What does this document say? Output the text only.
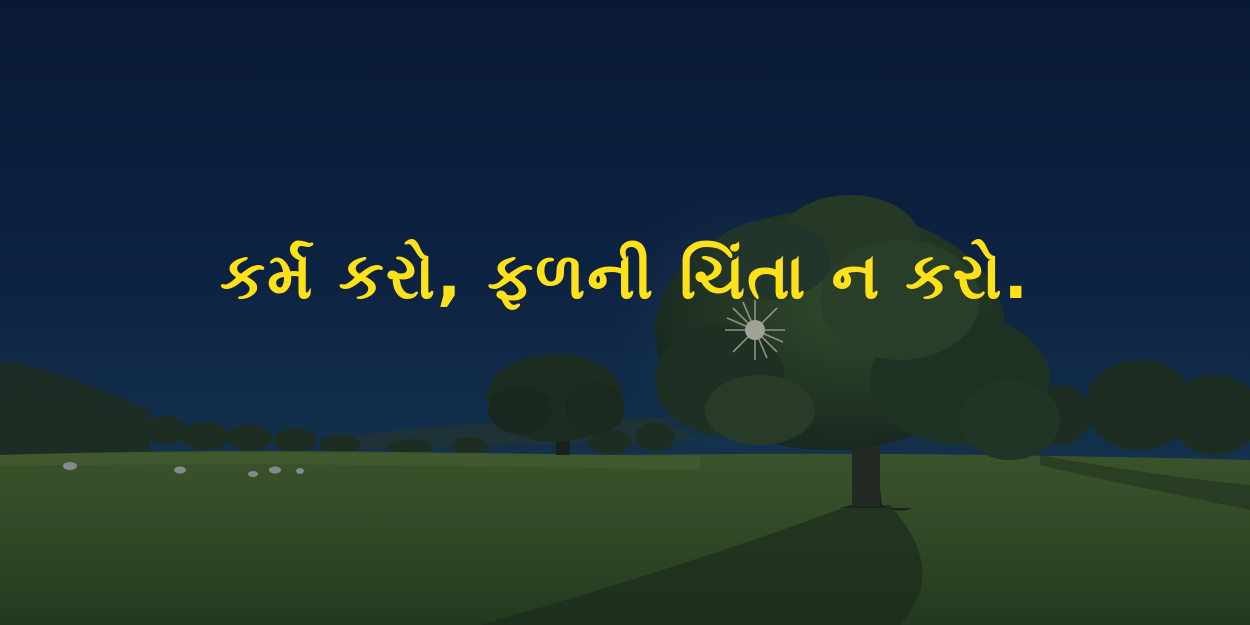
કર્મ કરો, ફળની ચિંતા ન કરો.
